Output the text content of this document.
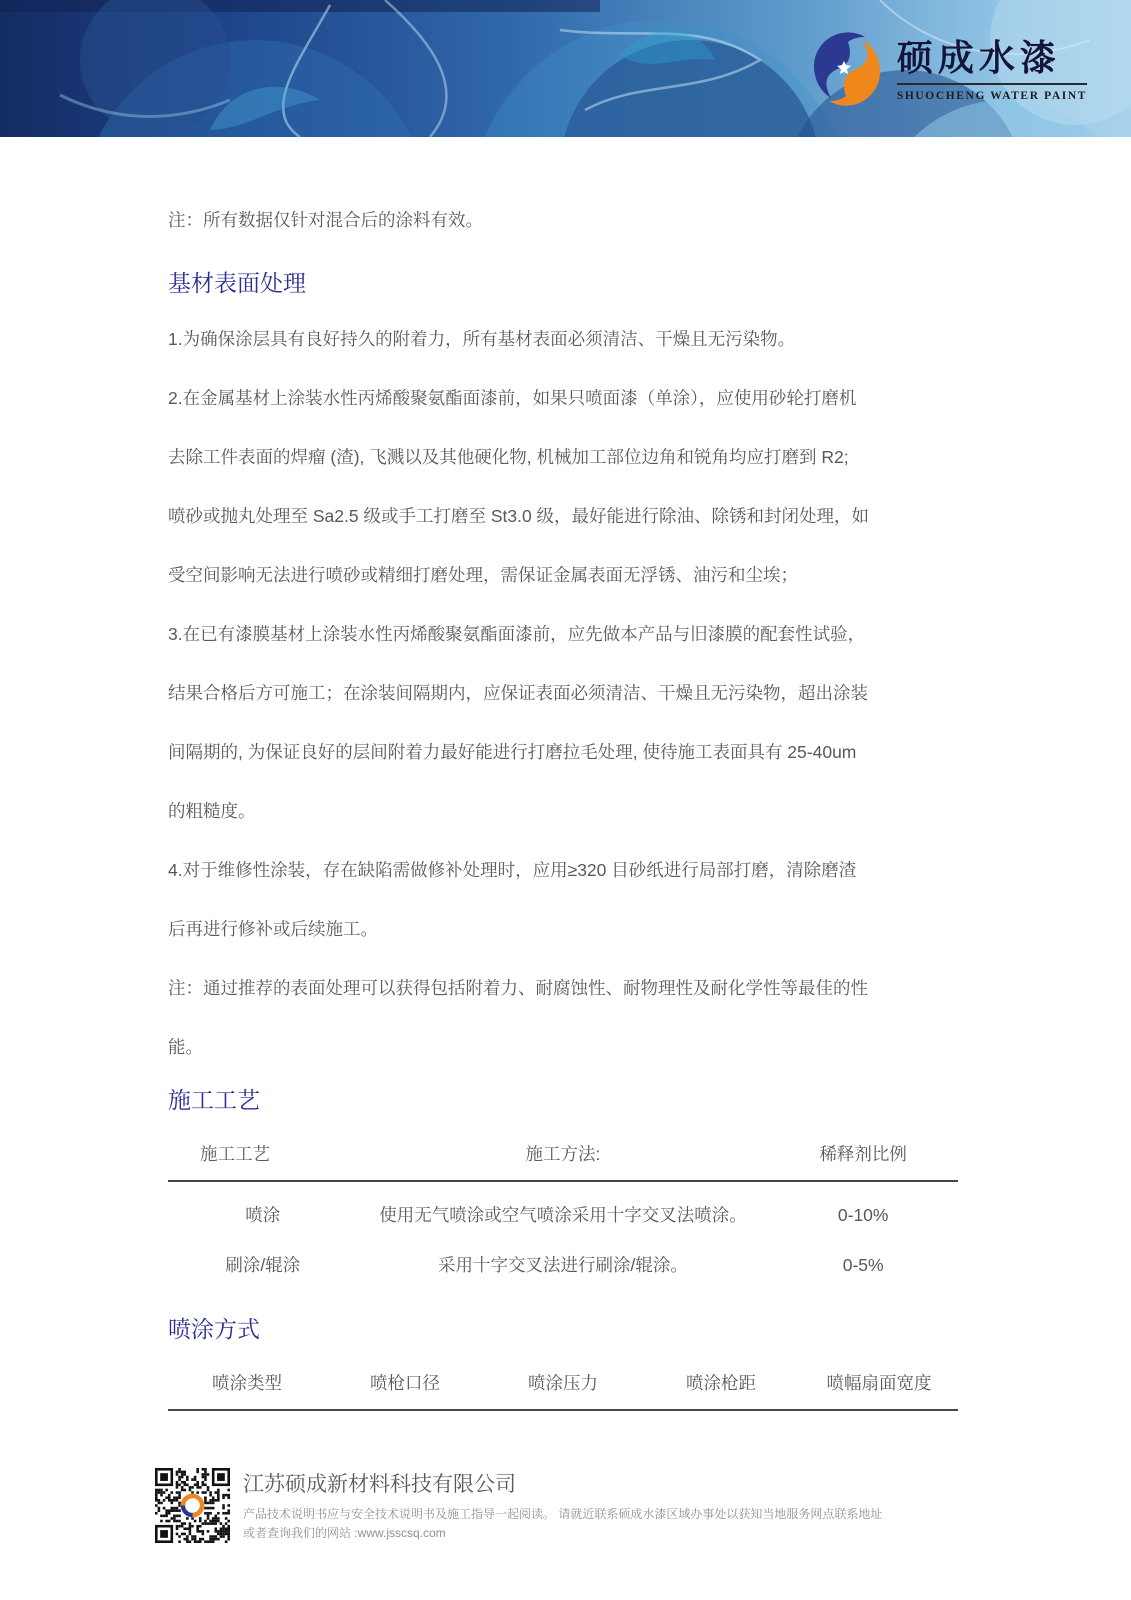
硕成水漆
SHUOCHENG WATER PAINT
注：所有数据仅针对混合后的涂料有效。
基材表面处理
1.为确保涂层具有良好持久的附着力，所有基材表面必须清洁、干燥且无污染物。
2.在金属基材上涂装水性丙烯酸聚氨酯面漆前，如果只喷面漆（单涂），应使用砂轮打磨机
去除工件表面的焊瘤 (渣), 飞溅以及其他硬化物, 机械加工部位边角和锐角均应打磨到 R2;
喷砂或抛丸处理至 Sa2.5 级或手工打磨至 St3.0 级，最好能进行除油、除锈和封闭处理，如
受空间影响无法进行喷砂或精细打磨处理，需保证金属表面无浮锈、油污和尘埃；
3.在已有漆膜基材上涂装水性丙烯酸聚氨酯面漆前，应先做本产品与旧漆膜的配套性试验，
结果合格后方可施工；在涂装间隔期内，应保证表面必须清洁、干燥且无污染物，超出涂装
间隔期的, 为保证良好的层间附着力最好能进行打磨拉毛处理, 使待施工表面具有 25-40um
的粗糙度。
4.对于维修性涂装，存在缺陷需做修补处理时，应用≥320 目砂纸进行局部打磨，清除磨渣
后再进行修补或后续施工。
注：通过推荐的表面处理可以获得包括附着力、耐腐蚀性、耐物理性及耐化学性等最佳的性
能。
施工工艺
施工工艺	施工方法:	稀释剂比例
喷涂	使用无气喷涂或空气喷涂采用十字交叉法喷涂。	0-10%
刷涂/辊涂	采用十字交叉法进行刷涂/辊涂。	0-5%
喷涂方式
喷涂类型	喷枪口径	喷涂压力	喷涂枪距	喷幅扇面宽度
江苏硕成新材料科技有限公司
产品技术说明书应与安全技术说明书及施工指导一起阅读。 请就近联系硕成水漆区域办事处以获知当地服务网点联系地址
或者查询我们的网站 :www.jsscsq.com
